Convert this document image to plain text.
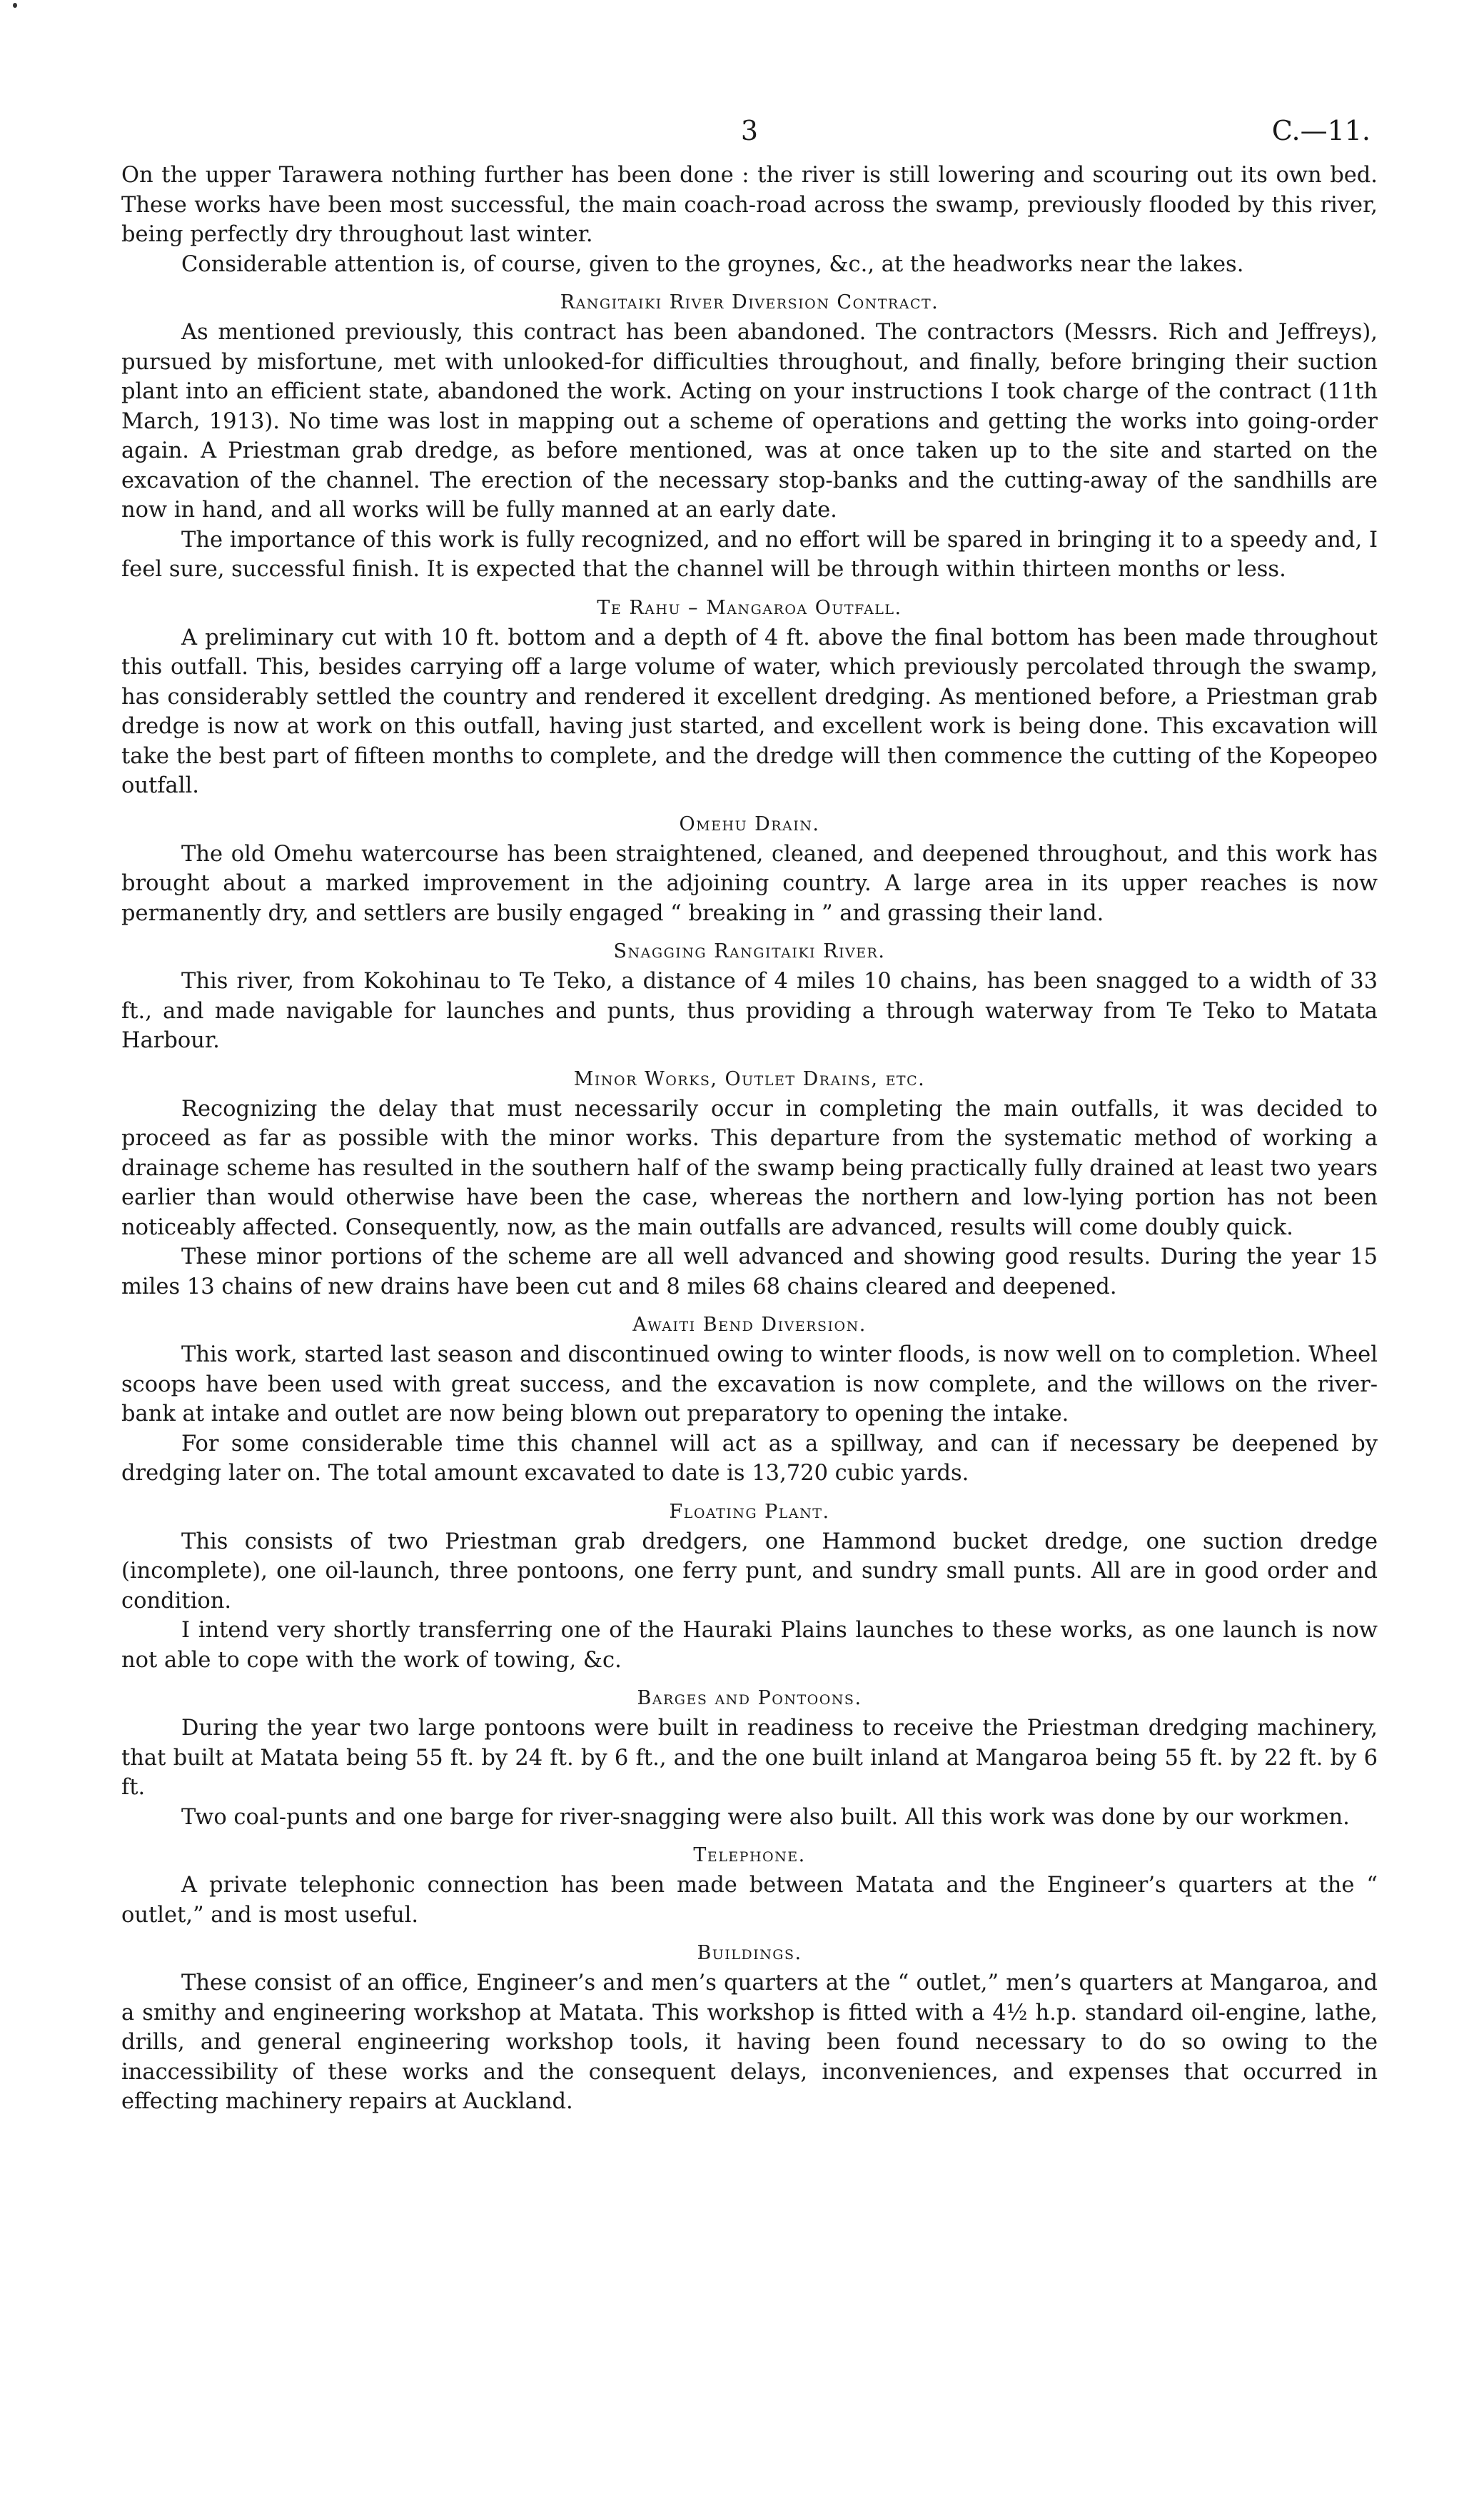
3	C.—11.

On the upper Tarawera nothing further has been done : the river is still lowering and scouring out its own bed. These works have been most successful, the main coach-road across the swamp, previously flooded by this river, being perfectly dry throughout last winter.

Considerable attention is, of course, given to the groynes, &c., at the headworks near the lakes.

Rangitaiki River Diversion Contract.

As mentioned previously, this contract has been abandoned. The contractors (Messrs. Rich and Jeffreys), pursued by misfortune, met with unlooked-for difficulties throughout, and finally, before bringing their suction plant into an efficient state, abandoned the work. Acting on your instructions I took charge of the contract (11th March, 1913). No time was lost in mapping out a scheme of operations and getting the works into going-order again. A Priestman grab dredge, as before mentioned, was at once taken up to the site and started on the excavation of the channel. The erection of the necessary stop-banks and the cutting-away of the sandhills are now in hand, and all works will be fully manned at an early date.

The importance of this work is fully recognized, and no effort will be spared in bringing it to a speedy and, I feel sure, successful finish. It is expected that the channel will be through within thirteen months or less.

Te Rahu – Mangaroa Outfall.

A preliminary cut with 10 ft. bottom and a depth of 4 ft. above the final bottom has been made throughout this outfall. This, besides carrying off a large volume of water, which previously percolated through the swamp, has considerably settled the country and rendered it excellent dredging. As mentioned before, a Priestman grab dredge is now at work on this outfall, having just started, and excellent work is being done. This excavation will take the best part of fifteen months to complete, and the dredge will then commence the cutting of the Kopeopeo outfall.

Omehu Drain.

The old Omehu watercourse has been straightened, cleaned, and deepened throughout, and this work has brought about a marked improvement in the adjoining country. A large area in its upper reaches is now permanently dry, and settlers are busily engaged “ breaking in ” and grassing their land.

Snagging Rangitaiki River.

This river, from Kokohinau to Te Teko, a distance of 4 miles 10 chains, has been snagged to a width of 33 ft., and made navigable for launches and punts, thus providing a through waterway from Te Teko to Matata Harbour.

Minor Works, Outlet Drains, etc.

Recognizing the delay that must necessarily occur in completing the main outfalls, it was decided to proceed as far as possible with the minor works. This departure from the systematic method of working a drainage scheme has resulted in the southern half of the swamp being practically fully drained at least two years earlier than would otherwise have been the case, whereas the northern and low-lying portion has not been noticeably affected. Consequently, now, as the main outfalls are advanced, results will come doubly quick.

These minor portions of the scheme are all well advanced and showing good results. During the year 15 miles 13 chains of new drains have been cut and 8 miles 68 chains cleared and deepened.

Awaiti Bend Diversion.

This work, started last season and discontinued owing to winter floods, is now well on to completion. Wheel scoops have been used with great success, and the excavation is now complete, and the willows on the river-bank at intake and outlet are now being blown out preparatory to opening the intake.

For some considerable time this channel will act as a spillway, and can if necessary be deepened by dredging later on. The total amount excavated to date is 13,720 cubic yards.

Floating Plant.

This consists of two Priestman grab dredgers, one Hammond bucket dredge, one suction dredge (incomplete), one oil-launch, three pontoons, one ferry punt, and sundry small punts. All are in good order and condition.

I intend very shortly transferring one of the Hauraki Plains launches to these works, as one launch is now not able to cope with the work of towing, &c.

Barges and Pontoons.

During the year two large pontoons were built in readiness to receive the Priestman dredging machinery, that built at Matata being 55 ft. by 24 ft. by 6 ft., and the one built inland at Mangaroa being 55 ft. by 22 ft. by 6 ft.

Two coal-punts and one barge for river-snagging were also built. All this work was done by our workmen.

Telephone.

A private telephonic connection has been made between Matata and the Engineer’s quarters at the “ outlet,” and is most useful.

Buildings.

These consist of an office, Engineer’s and men’s quarters at the “ outlet,” men’s quarters at Mangaroa, and a smithy and engineering workshop at Matata. This workshop is fitted with a 4½ h.p. standard oil-engine, lathe, drills, and general engineering workshop tools, it having been found necessary to do so owing to the inaccessibility of these works and the consequent delays, inconveniences, and expenses that occurred in effecting machinery repairs at Auckland.
